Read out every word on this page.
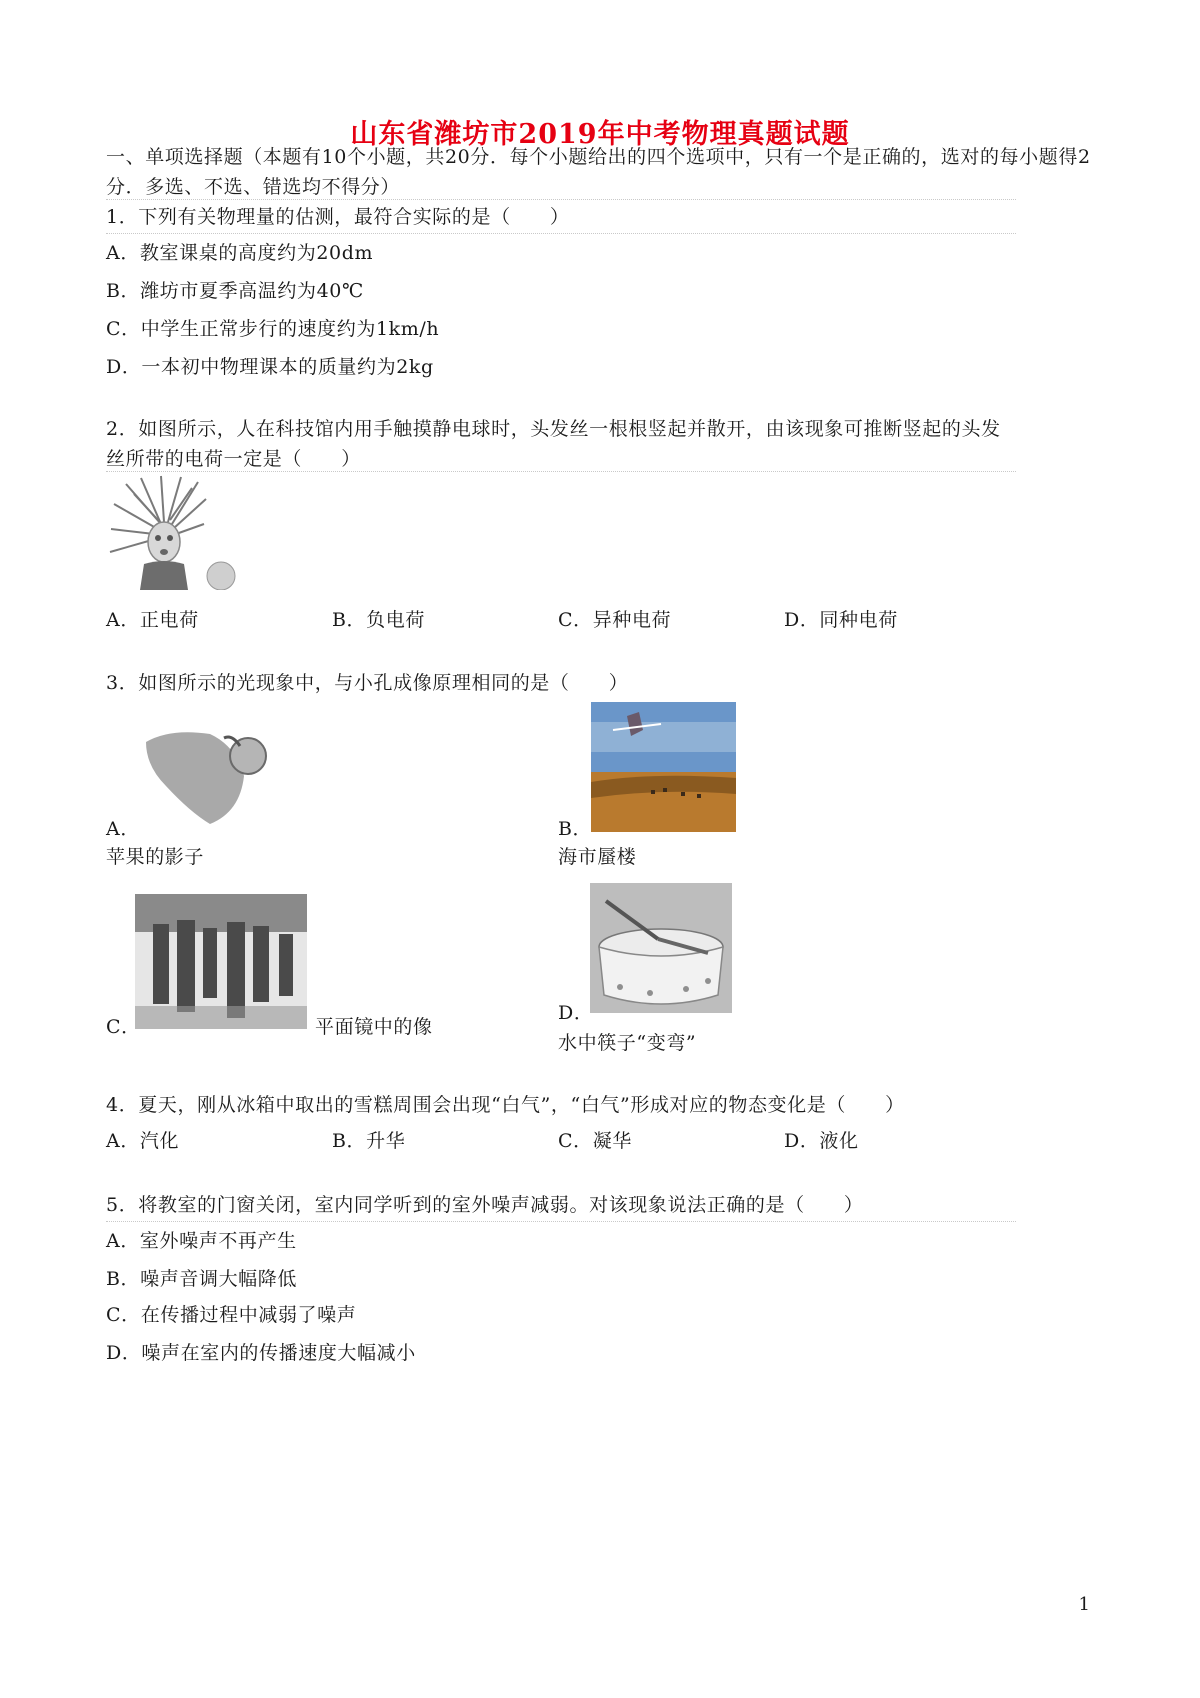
山东省潍坊市2019年中考物理真题试题
一、单项选择题（本题有10个小题，共20分．每个小题给出的四个选项中，只有一个是正确的，选对的每小题得2分．多选、不选、错选均不得分）
1．下列有关物理量的估测，最符合实际的是（　　）
A．教室课桌的高度约为20dm
B．潍坊市夏季高温约为40℃
C．中学生正常步行的速度约为1km/h
D．一本初中物理课本的质量约为2kg
2．如图所示，人在科技馆内用手触摸静电球时，头发丝一根根竖起并散开，由该现象可推断竖起的头发丝所带的电荷一定是（　　）
A．正电荷	B．负电荷	C．异种电荷	D．同种电荷
3．如图所示的光现象中，与小孔成像原理相同的是（　　）
A．
苹果的影子
B．
海市蜃楼
C．	平面镜中的像
D．
水中筷子“变弯”
4．夏天，刚从冰箱中取出的雪糕周围会出现“白气”，“白气”形成对应的物态变化是（　　）
A．汽化	B．升华	C．凝华	D．液化
5．将教室的门窗关闭，室内同学听到的室外噪声减弱。对该现象说法正确的是（　　）
A．室外噪声不再产生
B．噪声音调大幅降低
C．在传播过程中减弱了噪声
D．噪声在室内的传播速度大幅减小
1
